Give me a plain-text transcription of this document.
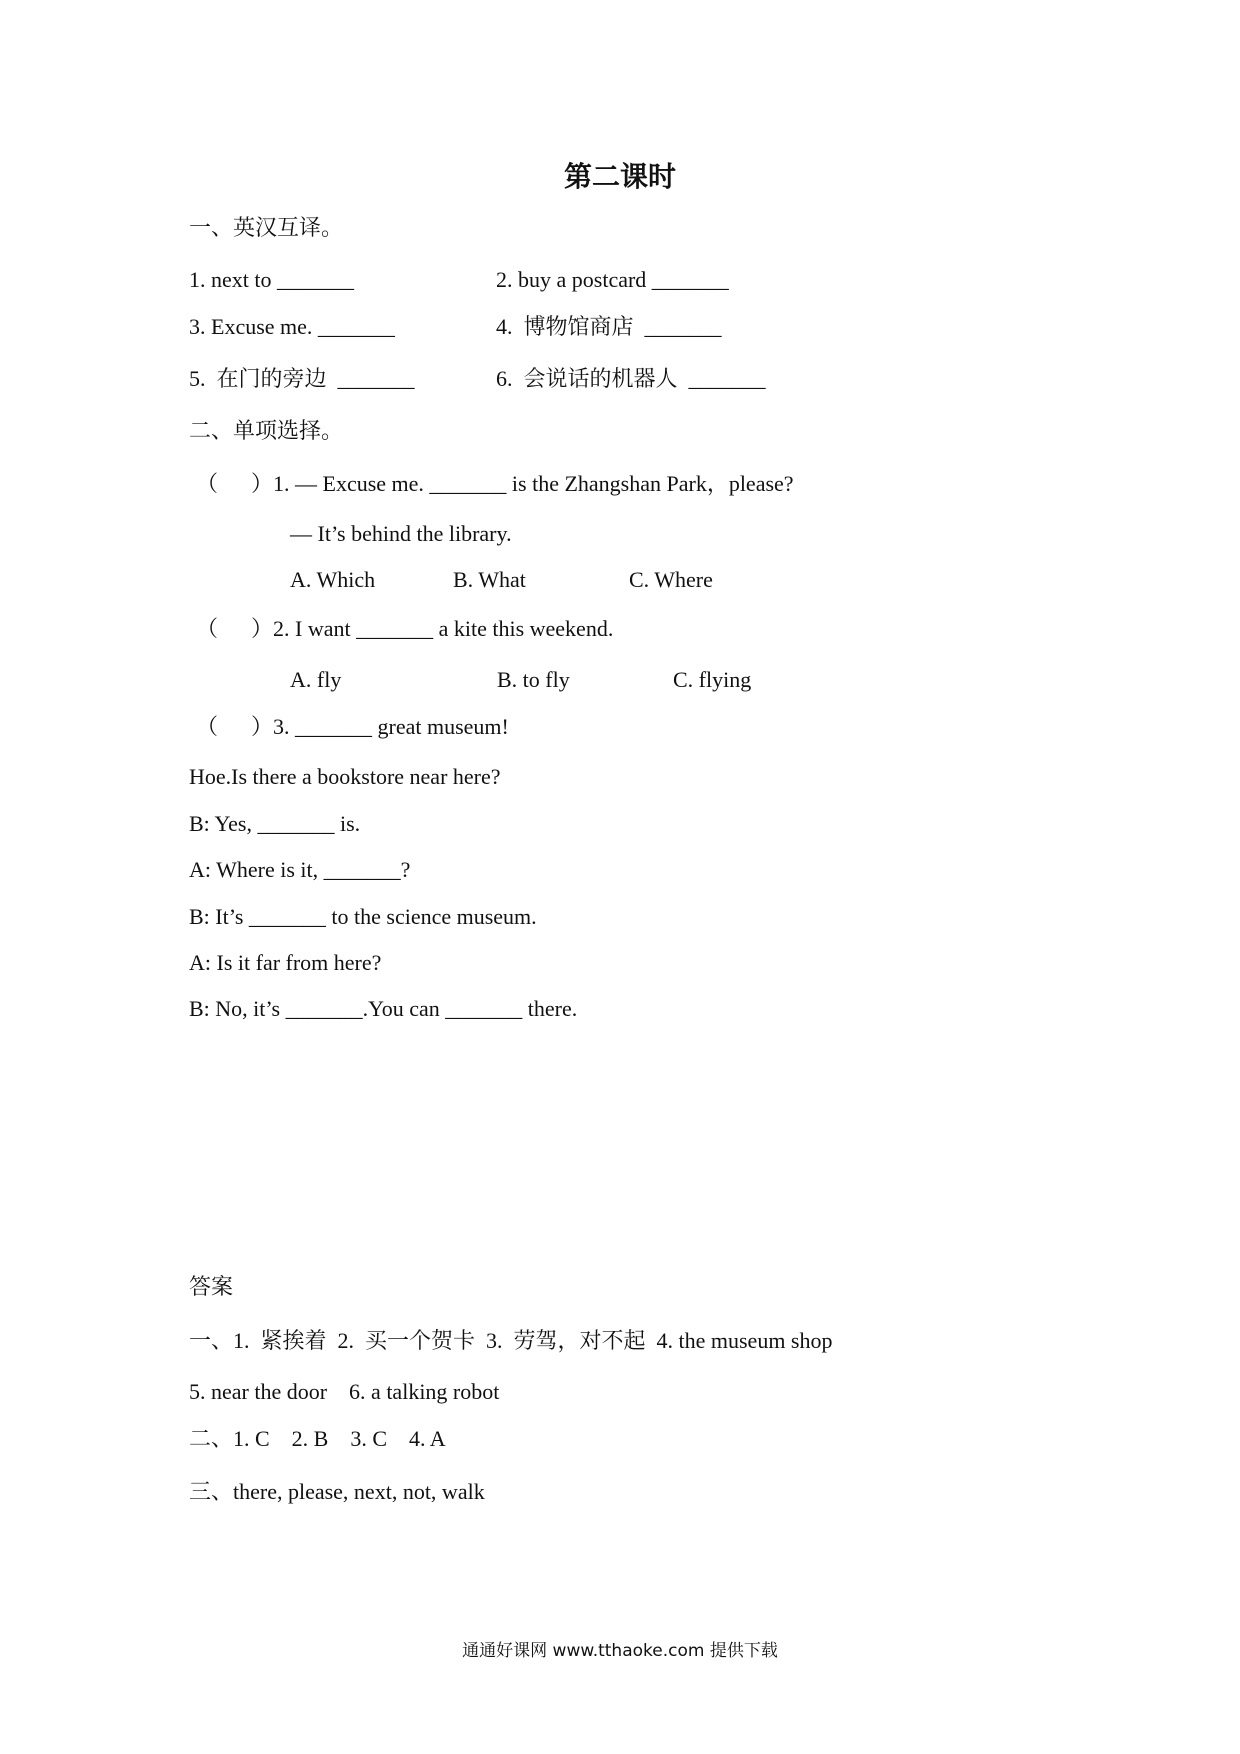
第二课时
一、英汉互译。
1. next to _______	2. buy a postcard _______
3. Excuse me. _______	4.  博物馆商店  _______
5.  在门的旁边  _______	6.  会说话的机器人  _______
二、单项选择。
（      ）1. — Excuse me. _______ is the Zhangshan Park，please?
— It’s behind the library.
A. Which	B. What	C. Where
（      ）2. I want _______ a kite this weekend.
A. fly	B. to fly	C. flying
（      ）3. _______ great museum!
Hoe.Is there a bookstore near here?
B: Yes, _______ is.
A: Where is it, _______?
B: It’s _______ to the science museum.
A: Is it far from here?
B: No, it’s _______.You can _______ there.
答案
一、1.  紧挨着  2.  买一个贺卡  3.  劳驾，对不起  4. the museum shop
5. near the door    6. a talking robot
二、1. C    2. B    3. C    4. A
三、there, please, next, not, walk
通通好课网 www.tthaoke.com 提供下载
